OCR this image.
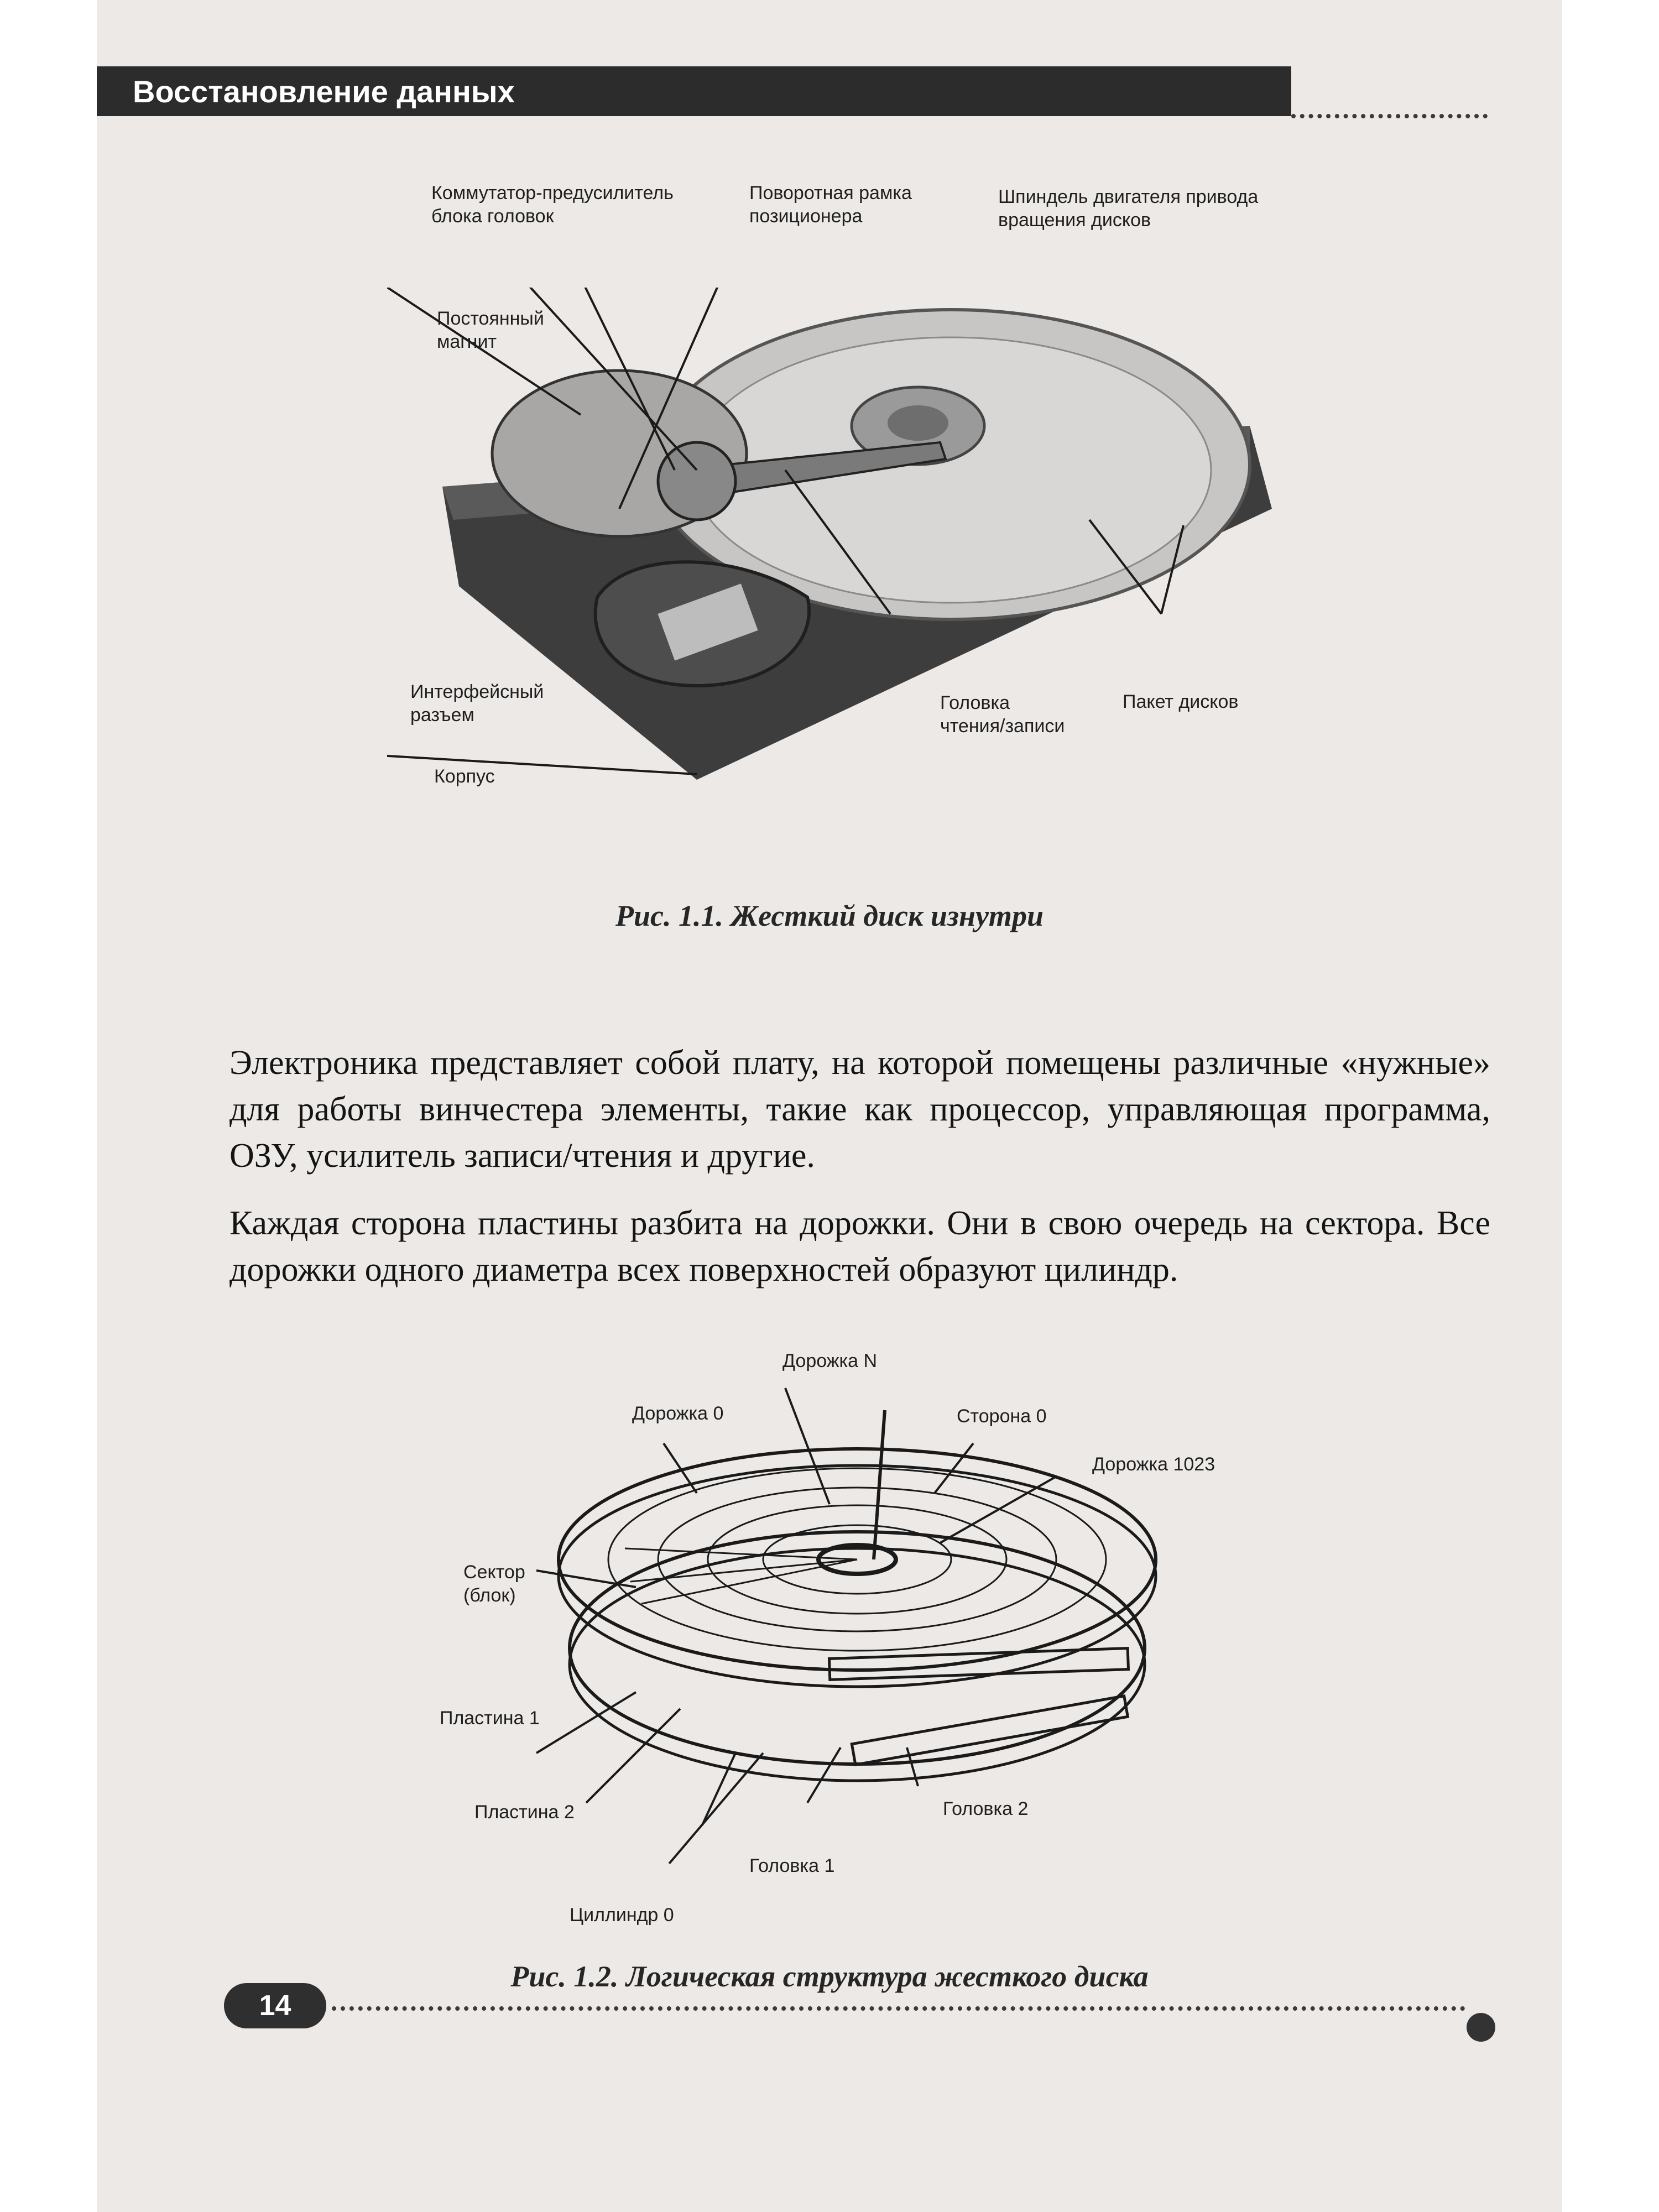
Восстановление данных
Коммутатор-предусилитель
блока головок
Поворотная рамка
позиционера
Шпиндель двигателя привода
вращения дисков
Постоянный
магнит
Интерфейсный
разъем
Головка
чтения/записи
Пакет дисков
Корпус
Рис. 1.1. Жесткий диск изнутри
Электроника представляет собой плату, на которой помещены различные «нужные» для работы винчестера элементы, такие как процессор, управляющая программа, ОЗУ, усилитель записи/чтения и другие.
Каждая сторона пластины разбита на дорожки. Они в свою очередь на сектора. Все дорожки одного диаметра всех поверхностей образуют цилиндр.
Дорожка N
Дорожка 0	Сторона 0
Дорожка 1023
Сектор
(блок)
Пластина 1
Пластина 2	Головка 2
Головка 1
Циллиндр 0
Рис. 1.2. Логическая структура жесткого диска
14
